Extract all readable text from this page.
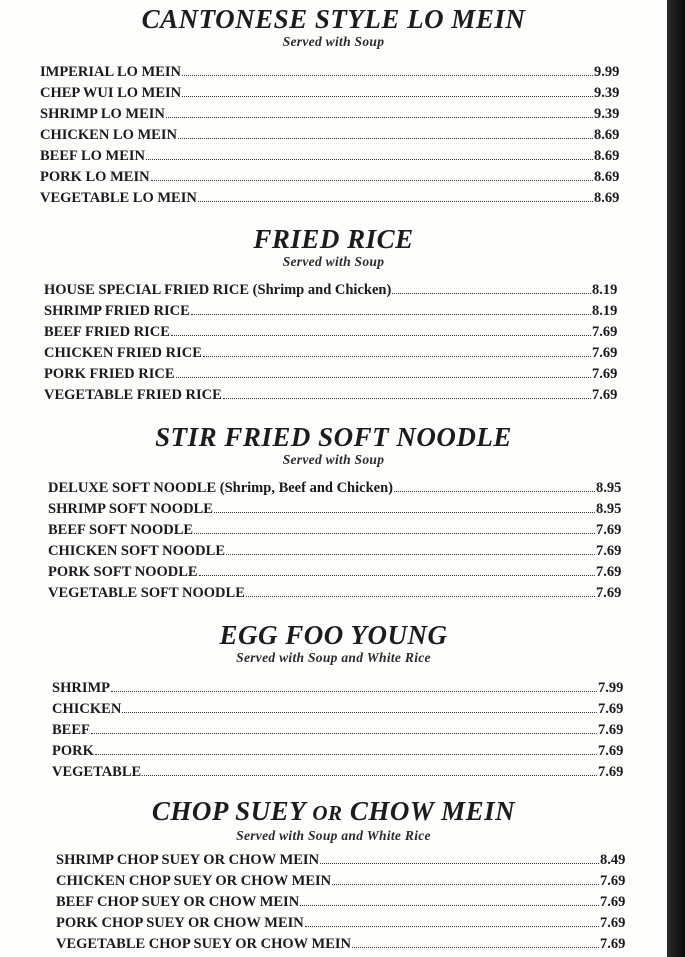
CANTONESE STYLE LO MEIN
Served with Soup
IMPERIAL LO MEIN	9.99
CHEP WUI LO MEIN	9.39
SHRIMP LO MEIN	9.39
CHICKEN LO MEIN	8.69
BEEF LO MEIN	8.69
PORK LO MEIN	8.69
VEGETABLE LO MEIN	8.69
FRIED RICE
Served with Soup
HOUSE SPECIAL FRIED RICE (Shrimp and Chicken)	8.19
SHRIMP FRIED RICE	8.19
BEEF FRIED RICE	7.69
CHICKEN FRIED RICE	7.69
PORK FRIED RICE	7.69
VEGETABLE FRIED RICE	7.69
STIR FRIED SOFT NOODLE
Served with Soup
DELUXE SOFT NOODLE (Shrimp, Beef and Chicken)	8.95
SHRIMP SOFT NOODLE	8.95
BEEF SOFT NOODLE	7.69
CHICKEN SOFT NOODLE	7.69
PORK SOFT NOODLE	7.69
VEGETABLE SOFT NOODLE	7.69
EGG FOO YOUNG
Served with Soup and White Rice
SHRIMP	7.99
CHICKEN	7.69
BEEF	7.69
PORK	7.69
VEGETABLE	7.69
CHOP SUEY OR CHOW MEIN
Served with Soup and White Rice
SHRIMP CHOP SUEY OR CHOW MEIN	8.49
CHICKEN CHOP SUEY OR CHOW MEIN	7.69
BEEF CHOP SUEY OR CHOW MEIN	7.69
PORK CHOP SUEY OR CHOW MEIN	7.69
VEGETABLE CHOP SUEY OR CHOW MEIN	7.69
